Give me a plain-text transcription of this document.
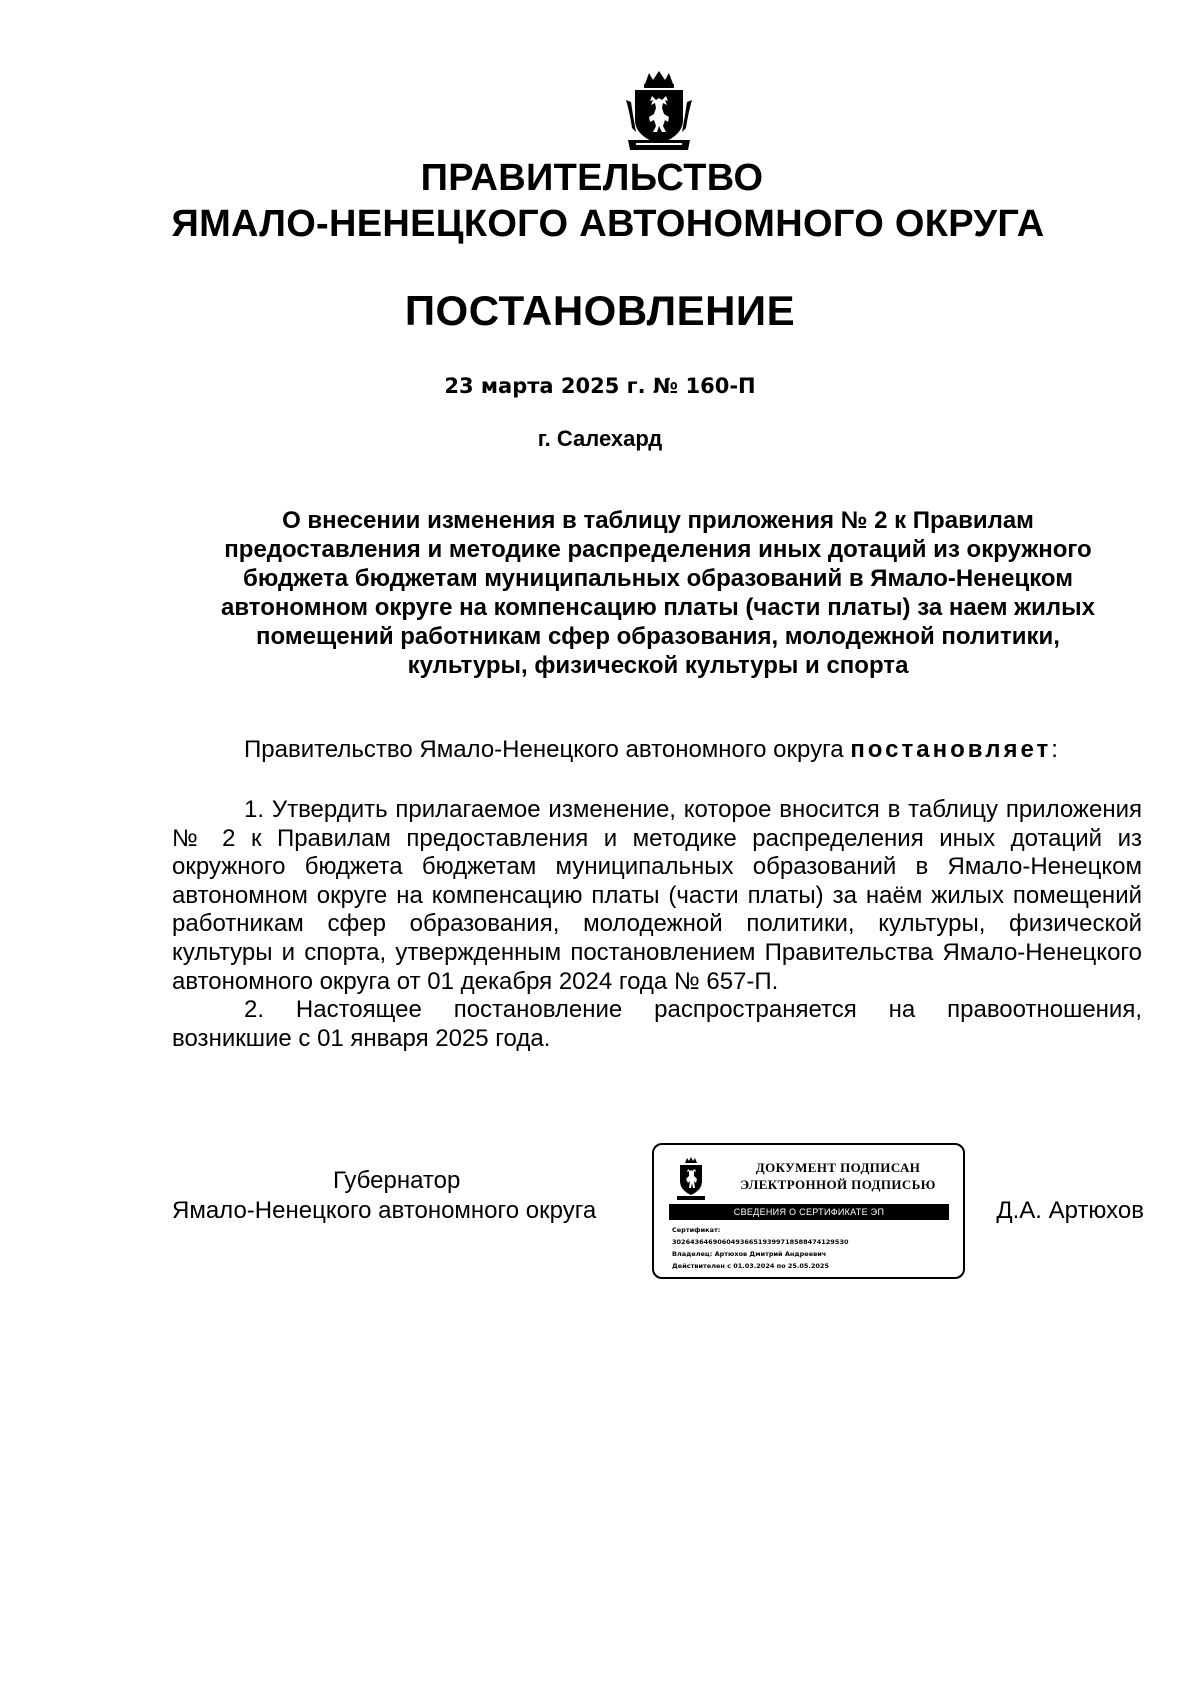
ПРАВИТЕЛЬСТВО
ЯМАЛО-НЕНЕЦКОГО АВТОНОМНОГО ОКРУГА
ПОСТАНОВЛЕНИЕ
23 марта 2025 г. № 160-П
г. Салехард
О внесении изменения в таблицу приложения № 2 к Правилам
предоставления и методике распределения иных дотаций из окружного
бюджета бюджетам муниципальных образований в Ямало-Ненецком
автономном округе на компенсацию платы (части платы) за наем жилых
помещений работникам сфер образования, молодежной политики,
культуры, физической культуры и спорта
Правительство Ямало-Ненецкого автономного округа постановляет:

1. Утвердить прилагаемое изменение, которое вносится в таблицу приложения № 2 к Правилам предоставления и методике распределения иных дотаций из окружного бюджета бюджетам муниципальных образований в Ямало-Ненецком автономном округе на компенсацию платы (части платы) за наём жилых помещений работникам сфер образования, молодежной политики, культуры, физической культуры и спорта, утвержденным постановлением Правительства Ямало-Ненецкого автономного округа от 01 декабря 2024 года № 657-П.

2. Настоящее постановление распространяется на правоотношения, возникшие с 01 января 2025 года.

Губернатор
Ямало-Ненецкого автономного округа
ДОКУМЕНТ ПОДПИСАН
ЭЛЕКТРОННОЙ ПОДПИСЬЮ
СВЕДЕНИЯ О СЕРТИФИКАТЕ ЭП
Сертификат:
3026436469060493665193997185884741295З0
Владелец: Артюхов Дмитрий Андреевич
Действителен с 01.03.2024 по 25.05.2025
Д.А. Артюхов
